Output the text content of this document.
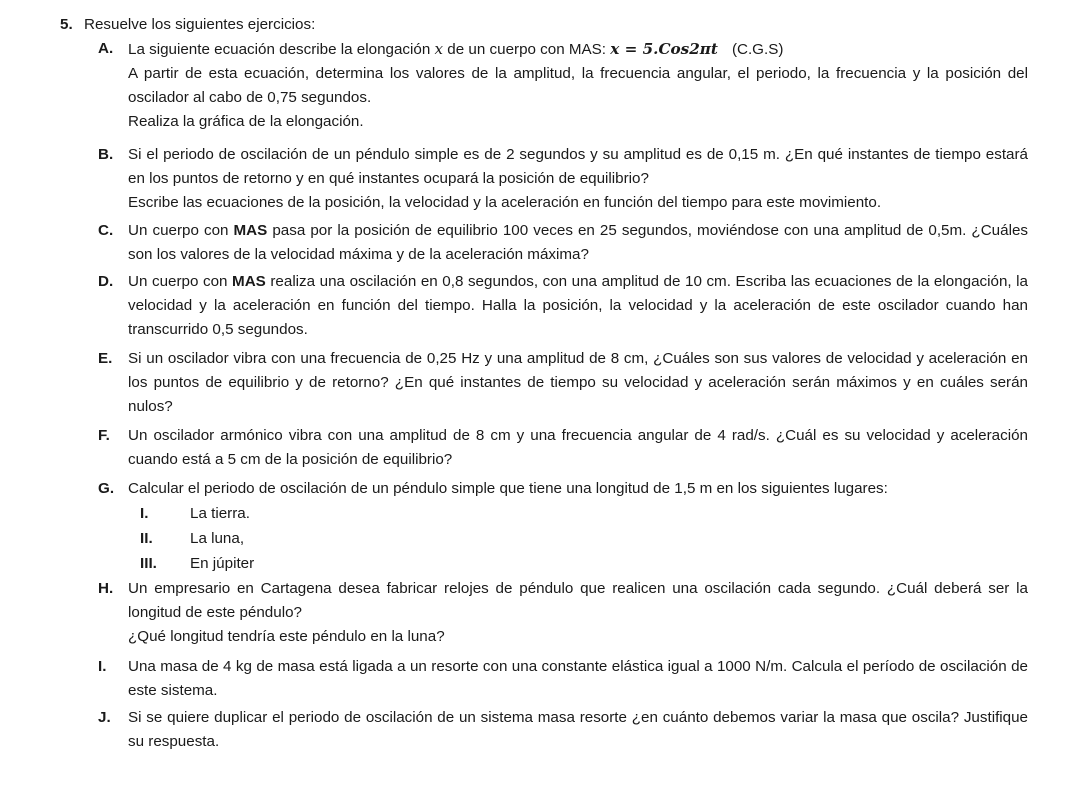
5. Resuelve los siguientes ejercicios:
A. La siguiente ecuación describe la elongación x de un cuerpo con MAS: x = 5.Cos2πt (C.G.S)

A partir de esta ecuación, determina los valores de la amplitud, la frecuencia angular, el periodo, la frecuencia y la posición del oscilador al cabo de 0,75 segundos.

Realiza la gráfica de la elongación.

B. Si el periodo de oscilación de un péndulo simple es de 2 segundos y su amplitud es de 0,15 m. ¿En qué instantes de tiempo estará en los puntos de retorno y en qué instantes ocupará la posición de equilibrio?

Escribe las ecuaciones de la posición, la velocidad y la aceleración en función del tiempo para este movimiento.

C. Un cuerpo con MAS pasa por la posición de equilibrio 100 veces en 25 segundos, moviéndose con una amplitud de 0,5m. ¿Cuáles son los valores de la velocidad máxima y de la aceleración máxima?

D. Un cuerpo con MAS realiza una oscilación en 0,8 segundos, con una amplitud de 10 cm. Escriba las ecuaciones de la elongación, la velocidad y la aceleración en función del tiempo. Halla la posición, la velocidad y la aceleración de este oscilador cuando han transcurrido 0,5 segundos.

E. Si un oscilador vibra con una frecuencia de 0,25 Hz y una amplitud de 8 cm, ¿Cuáles son sus valores de velocidad y aceleración en los puntos de equilibrio y de retorno? ¿En qué instantes de tiempo su velocidad y aceleración serán máximos y en cuáles serán nulos?

F. Un oscilador armónico vibra con una amplitud de 8 cm y una frecuencia angular de 4 rad/s. ¿Cuál es su velocidad y aceleración cuando está a 5 cm de la posición de equilibrio?

G. Calcular el periodo de oscilación de un péndulo simple que tiene una longitud de 1,5 m en los siguientes lugares:

I.	La tierra.
II. La luna,
III. En júpiter
H. Un empresario en Cartagena desea fabricar relojes de péndulo que realicen una oscilación cada segundo. ¿Cuál deberá ser la longitud de este péndulo?

¿Qué longitud tendría este péndulo en la luna?

I. Una masa de 4 kg de masa está ligada a un resorte con una constante elástica igual a 1000 N/m. Calcula el período de oscilación de este sistema.

J. Si se quiere duplicar el periodo de oscilación de un sistema masa resorte ¿en cuánto debemos variar la masa que oscila? Justifique su respuesta.
